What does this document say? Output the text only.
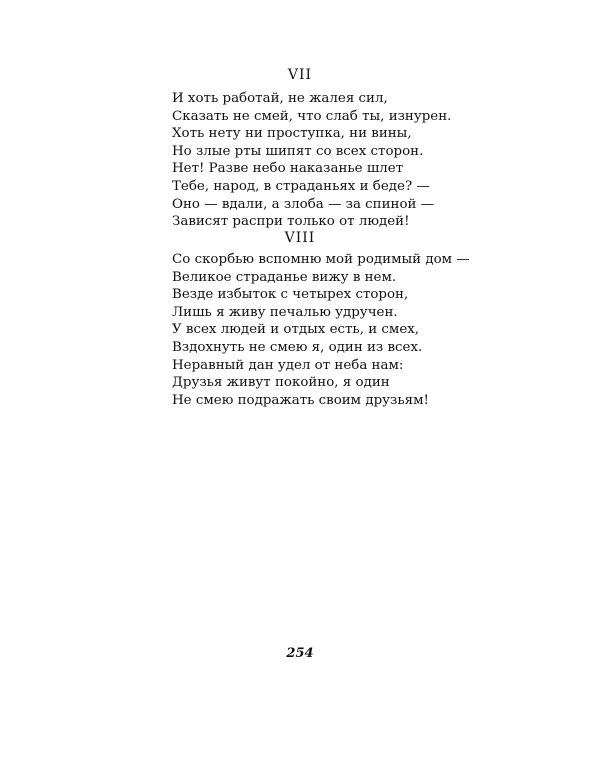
VII
И хоть работай, не жалея сил,
Сказать не смей, что слаб ты, изнурен.
Хоть нету ни проступка, ни вины,
Но злые рты шипят со всех сторон.
Нет! Разве небо наказанье шлет
Тебе, народ, в страданьях и беде? —
Оно — вдали, а злоба — за спиной —
Зависят распри только от людей!
VIII
Со скорбью вспомню мой родимый дом —
Великое страданье вижу в нем.
Везде избыток с четырех сторон,
Лишь я живу печалью удручен.
У всех людей и отдых есть, и смех,
Вздохнуть не смею я, один из всех.
Неравный дан удел от неба нам:
Друзья живут покойно, я один
Не смею подражать своим друзьям!
254
